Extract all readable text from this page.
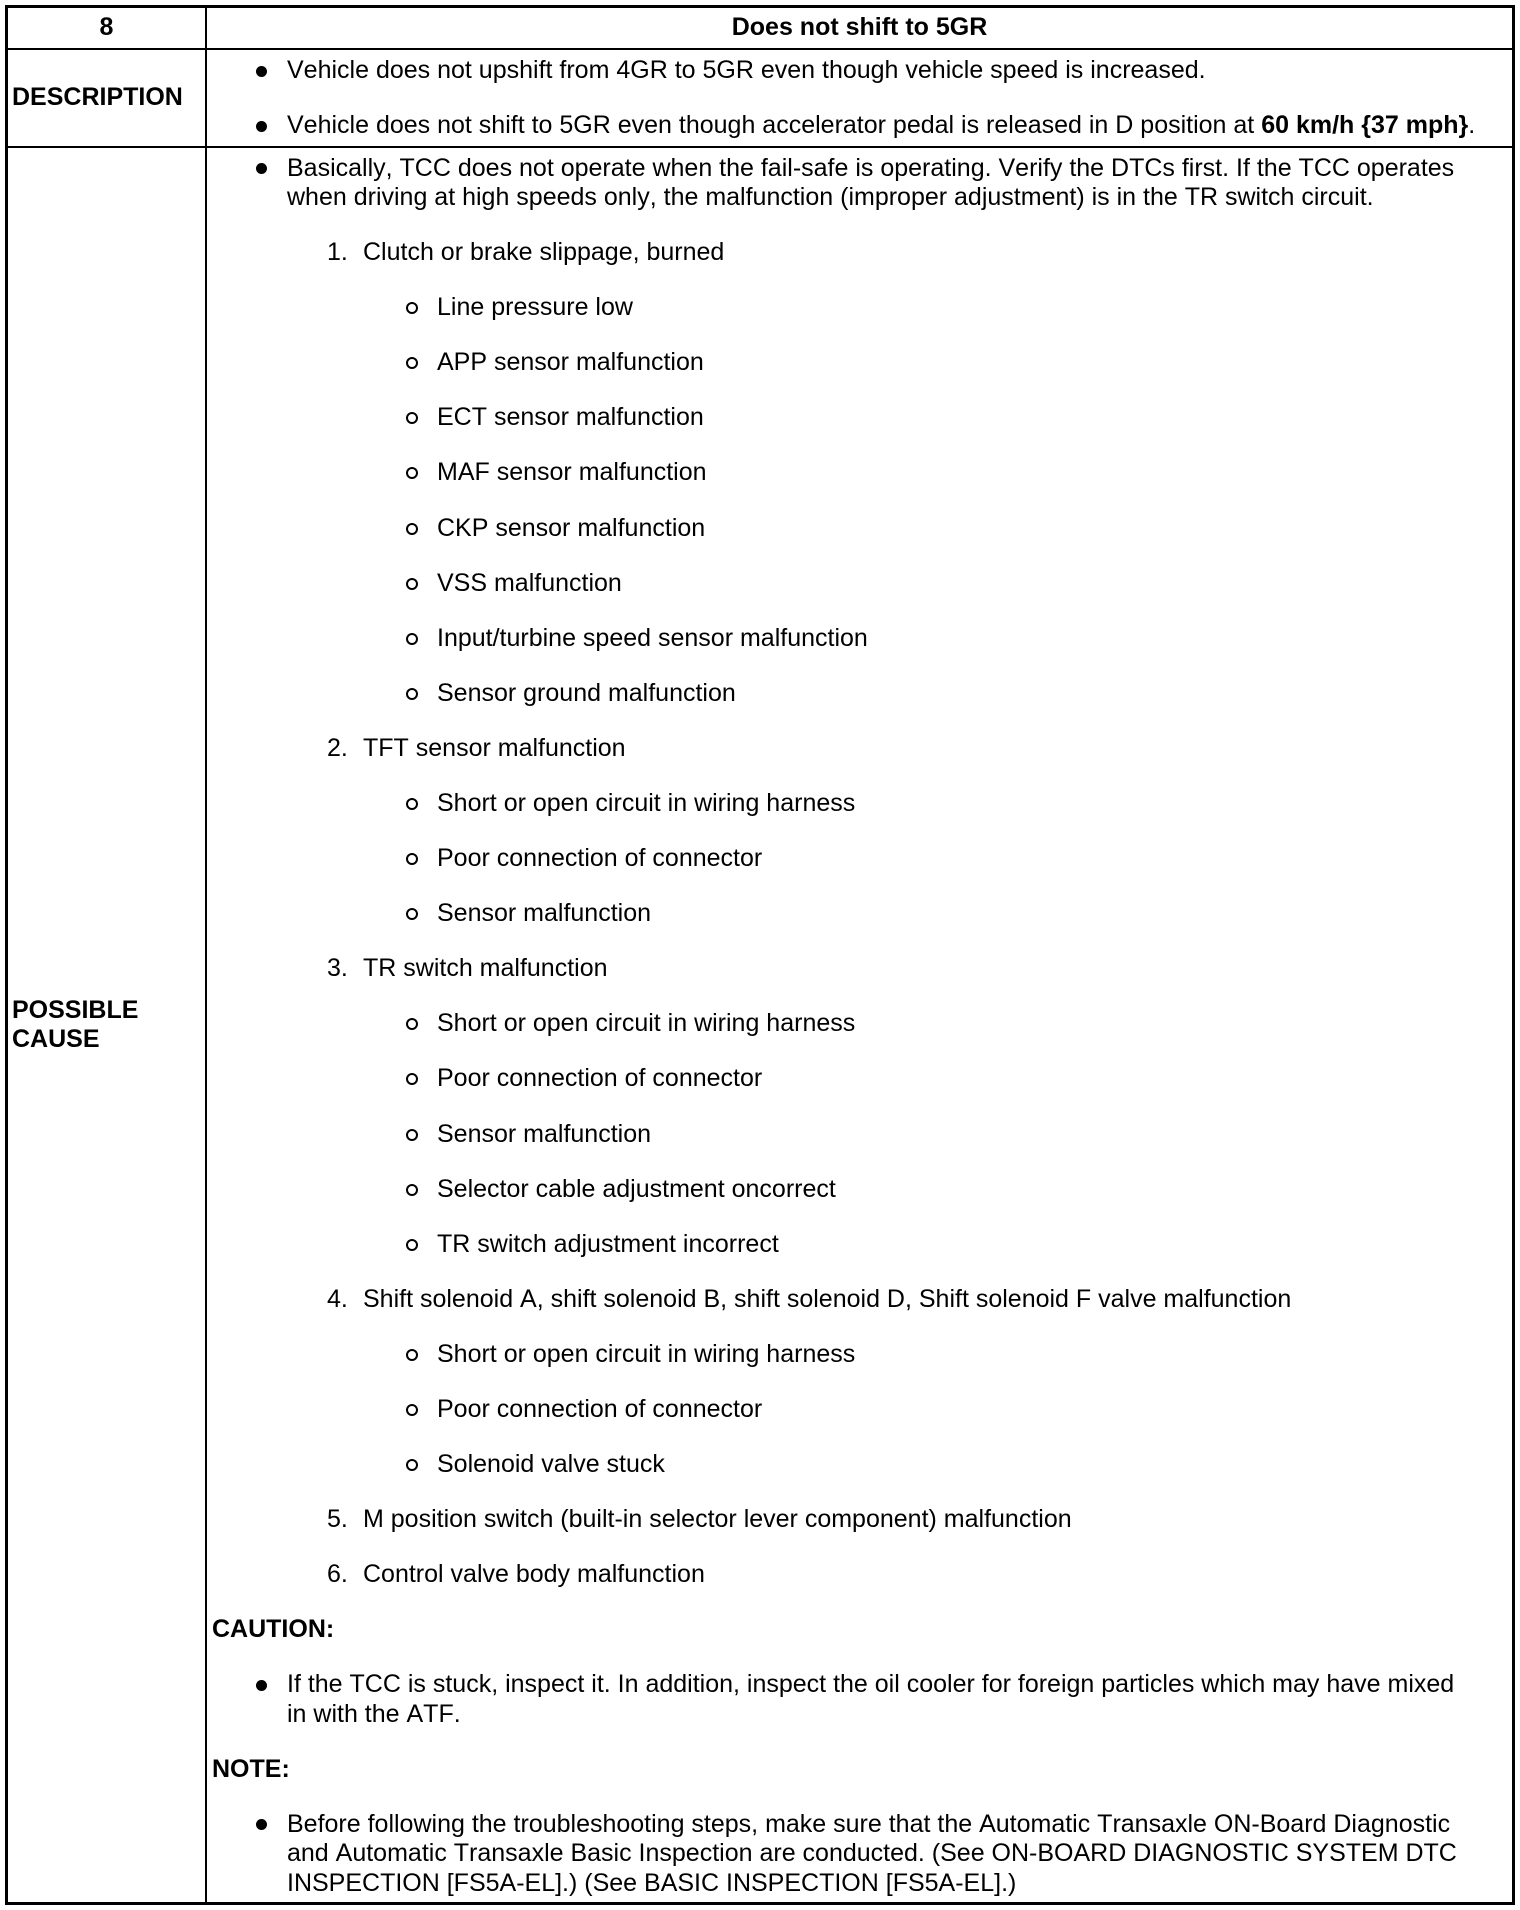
8	Does not shift to 5GR
DESCRIPTION
Vehicle does not upshift from 4GR to 5GR even though vehicle speed is increased.
Vehicle does not shift to 5GR even though accelerator pedal is released in D position at 60 km/h {37 mph}.
POSSIBLE CAUSE
Basically, TCC does not operate when the fail-safe is operating. Verify the DTCs first. If the TCC operates when driving at high speeds only, the malfunction (improper adjustment) is in the TR switch circuit.
1. Clutch or brake slippage, burned
Line pressure low
APP sensor malfunction
ECT sensor malfunction
MAF sensor malfunction
CKP sensor malfunction
VSS malfunction
Input/turbine speed sensor malfunction
Sensor ground malfunction
2. TFT sensor malfunction
Short or open circuit in wiring harness
Poor connection of connector
Sensor malfunction
3. TR switch malfunction
Short or open circuit in wiring harness
Poor connection of connector
Sensor malfunction
Selector cable adjustment oncorrect
TR switch adjustment incorrect
4. Shift solenoid A, shift solenoid B, shift solenoid D, Shift solenoid F valve malfunction
Short or open circuit in wiring harness
Poor connection of connector
Solenoid valve stuck
5. M position switch (built-in selector lever component) malfunction
6. Control valve body malfunction
CAUTION:
If the TCC is stuck, inspect it. In addition, inspect the oil cooler for foreign particles which may have mixed in with the ATF.
NOTE:
Before following the troubleshooting steps, make sure that the Automatic Transaxle ON-Board Diagnostic and Automatic Transaxle Basic Inspection are conducted. (See ON-BOARD DIAGNOSTIC SYSTEM DTC INSPECTION [FS5A-EL].) (See BASIC INSPECTION [FS5A-EL].)
